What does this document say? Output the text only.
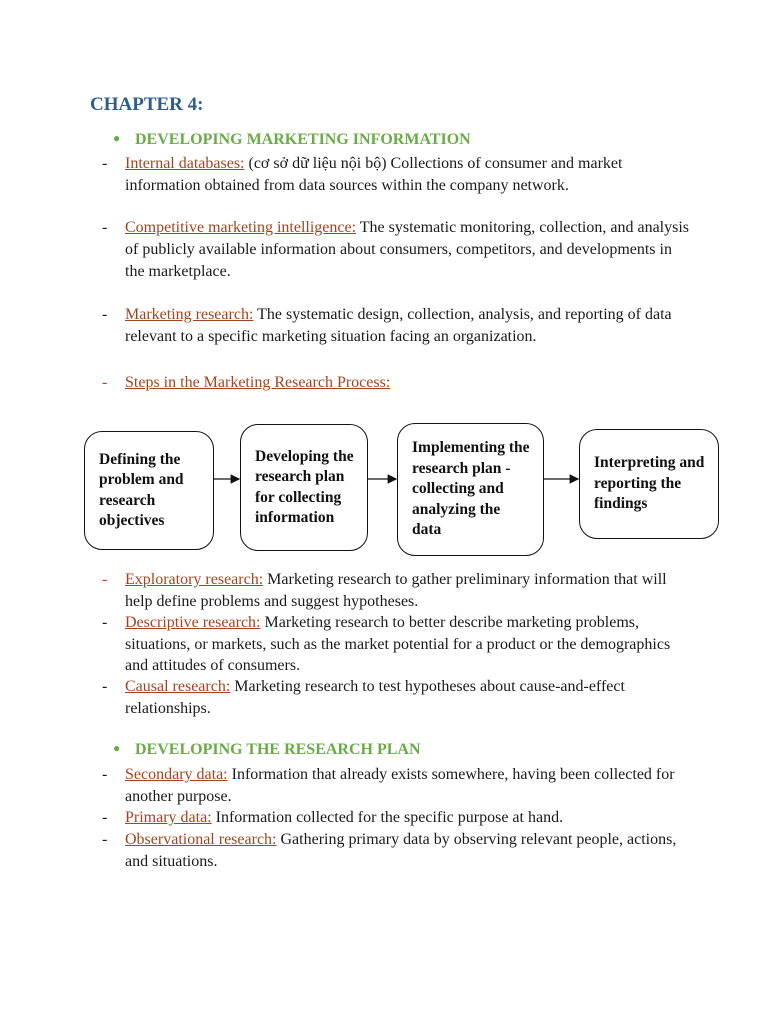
CHAPTER 4:
● DEVELOPING MARKETING INFORMATION

-	Internal databases: (cơ sở dữ liệu nội bộ) Collections of consumer and market information obtained from data sources within the company network.

-	Competitive marketing intelligence: The systematic monitoring, collection, and analysis of publicly available information about consumers, competitors, and developments in the marketplace.

-	Marketing research: The systematic design, collection, analysis, and reporting of data relevant to a specific marketing situation facing an organization.

-	Steps in the Marketing Research Process:

Defining the problem and research objectives
Developing the research plan for collecting information
Implementing the research plan -collecting and analyzing the data
Interpreting and reporting the findings

-	Exploratory research: Marketing research to gather preliminary information that will help define problems and suggest hypotheses.

-	Descriptive research: Marketing research to better describe marketing problems, situations, or markets, such as the market potential for a product or the demographics and attitudes of consumers.

-	Causal research: Marketing research to test hypotheses about cause-and-effect relationships.

● DEVELOPING THE RESEARCH PLAN

-	Secondary data: Information that already exists somewhere, having been collected for another purpose.

-	Primary data: Information collected for the specific purpose at hand.

-	Observational research: Gathering primary data by observing relevant people, actions, and situations.
